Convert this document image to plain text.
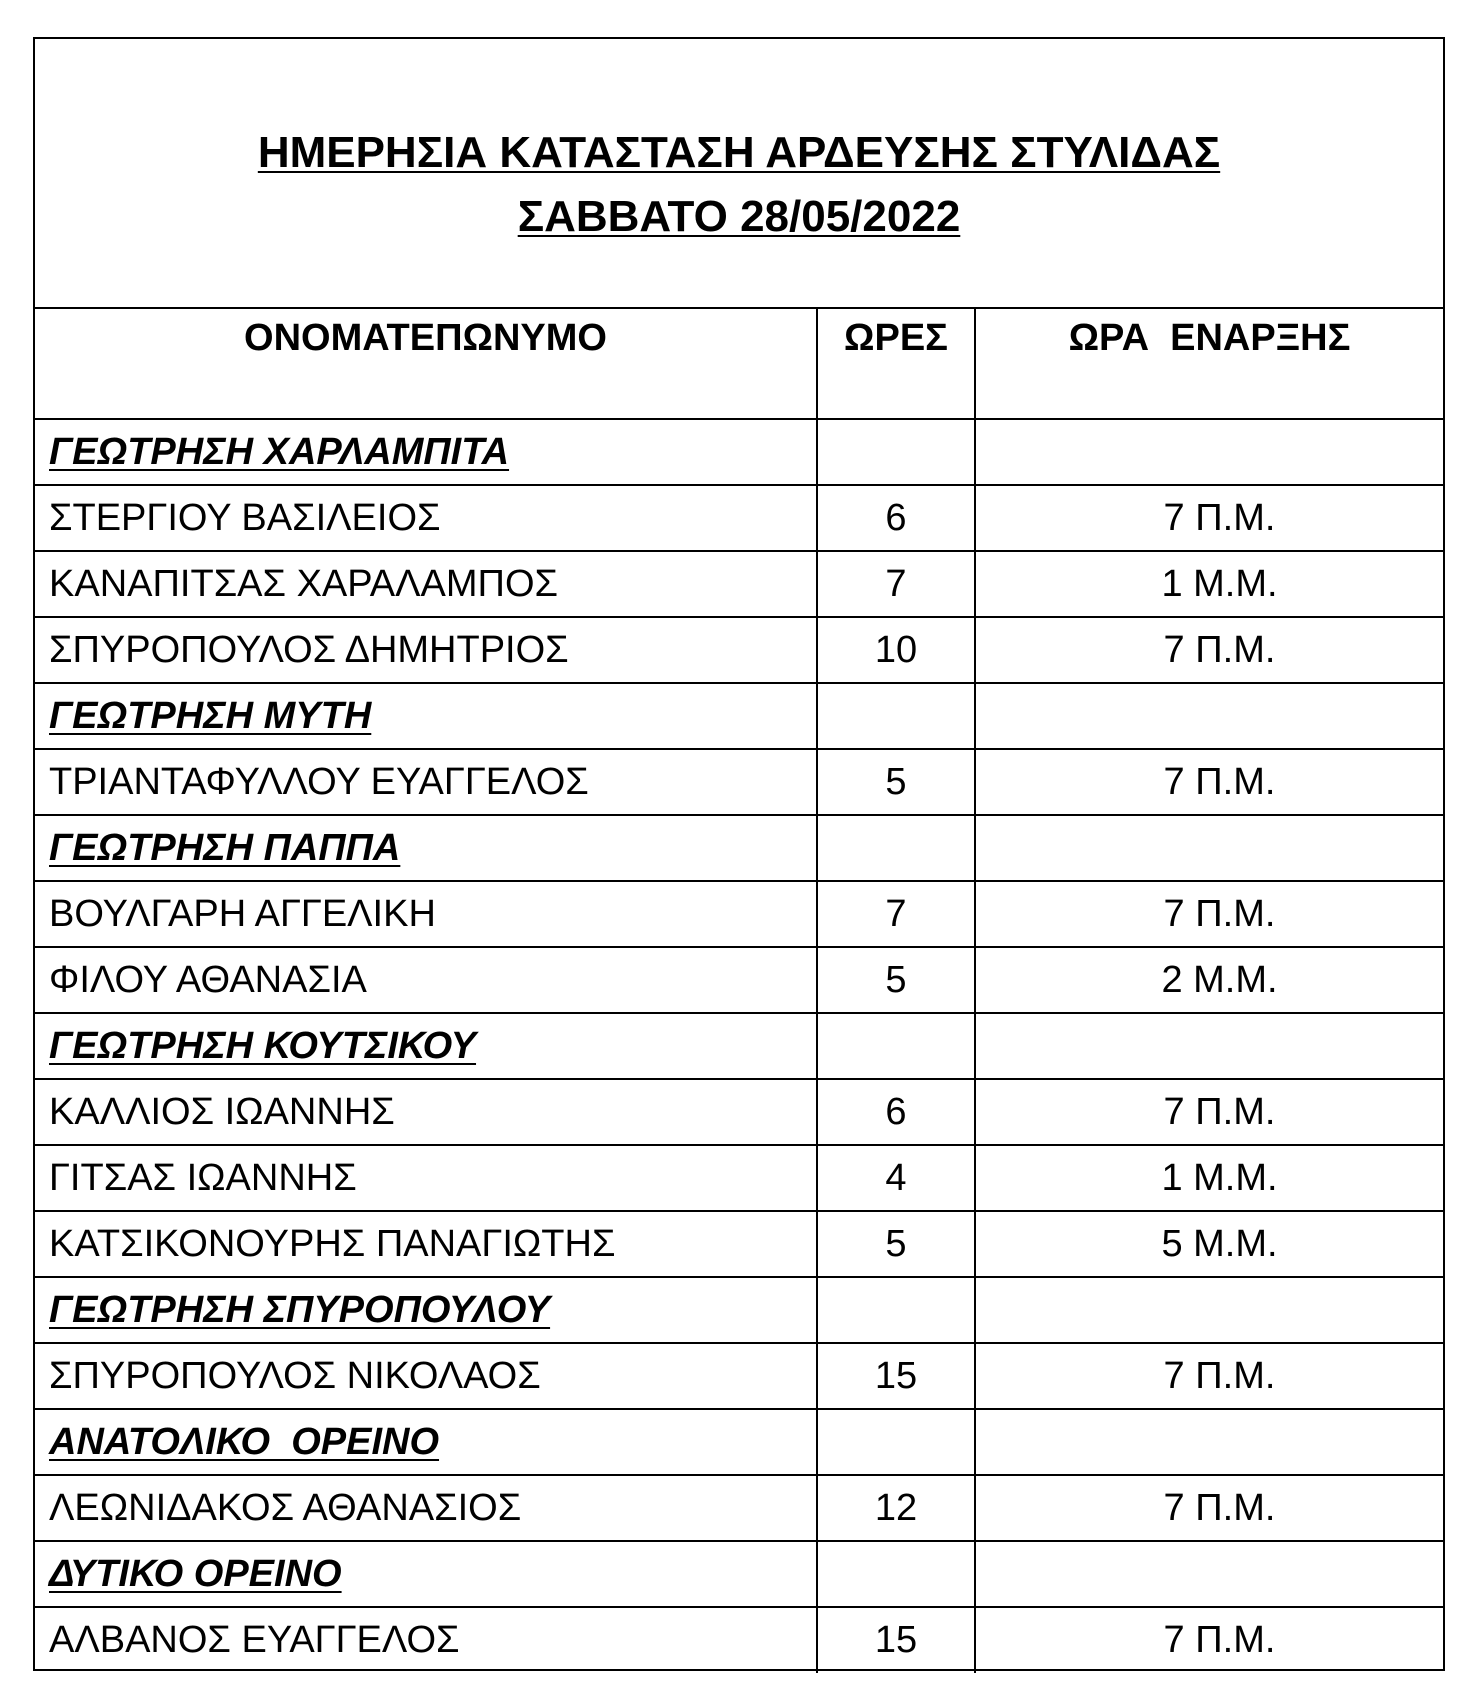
ΗΜΕΡΗΣΙΑ ΚΑΤΑΣΤΑΣΗ ΑΡΔΕΥΣΗΣ ΣΤΥΛΙΔΑΣ
ΣΑΒΒΑΤΟ 28/05/2022
ΟΝΟΜΑΤΕΠΩΝΥΜΟ	ΩΡΕΣ	ΩΡΑ  ΕΝΑΡΞΗΣ
ΓΕΩΤΡΗΣΗ ΧΑΡΛΑΜΠΙΤΑ		
ΣΤΕΡΓΙΟΥ ΒΑΣΙΛΕΙΟΣ	6	7 Π.Μ.
ΚΑΝΑΠΙΤΣΑΣ ΧΑΡΑΛΑΜΠΟΣ	7	1 Μ.Μ.
ΣΠΥΡΟΠΟΥΛΟΣ ΔΗΜΗΤΡΙΟΣ	10	7 Π.Μ.
ΓΕΩΤΡΗΣΗ ΜΥΤΗ		
ΤΡΙΑΝΤΑΦΥΛΛΟΥ ΕΥΑΓΓΕΛΟΣ	5	7 Π.Μ.
ΓΕΩΤΡΗΣΗ ΠΑΠΠΑ		
ΒΟΥΛΓΑΡΗ ΑΓΓΕΛΙΚΗ	7	7 Π.Μ.
ΦΙΛΟΥ ΑΘΑΝΑΣΙΑ	5	2 Μ.Μ.
ΓΕΩΤΡΗΣΗ ΚΟΥΤΣΙΚΟΥ		
ΚΑΛΛΙΟΣ ΙΩΑΝΝΗΣ	6	7 Π.Μ.
ΓΙΤΣΑΣ ΙΩΑΝΝΗΣ	4	1 Μ.Μ.
ΚΑΤΣΙΚΟΝΟΥΡΗΣ ΠΑΝΑΓΙΩΤΗΣ	5	5 Μ.Μ.
ΓΕΩΤΡΗΣΗ ΣΠΥΡΟΠΟΥΛΟΥ		
ΣΠΥΡΟΠΟΥΛΟΣ ΝΙΚΟΛΑΟΣ	15	7 Π.Μ.
ΑΝΑΤΟΛΙΚΟ  ΟΡΕΙΝΟ		
ΛΕΩΝΙΔΑΚΟΣ ΑΘΑΝΑΣΙΟΣ	12	7 Π.Μ.
ΔΥΤΙΚΟ ΟΡΕΙΝΟ		
ΑΛΒΑΝΟΣ ΕΥΑΓΓΕΛΟΣ	15	7 Π.Μ.
